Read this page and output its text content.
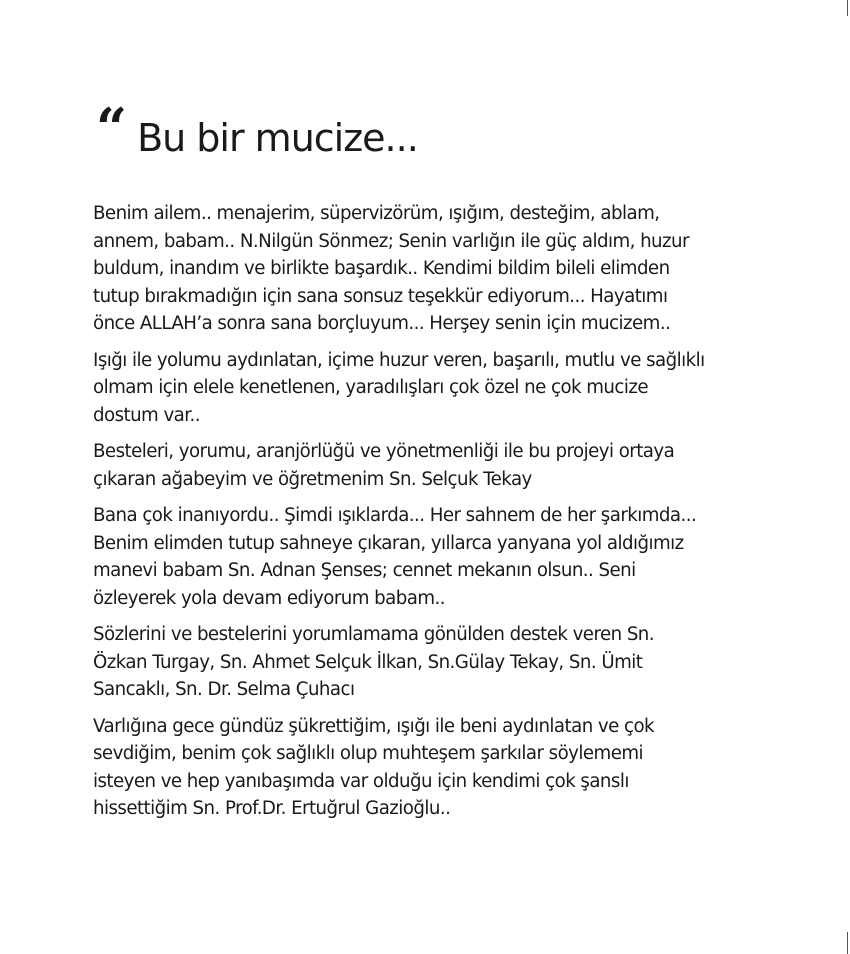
“ Bu bir mucize...
Benim ailem.. menajerim, süpervizörüm, ışığım, desteğim, ablam,
annem, babam.. N.Nilgün Sönmez; Senin varlığın ile güç aldım, huzur
buldum, inandım ve birlikte başardık.. Kendimi bildim bileli elimden
tutup bırakmadığın için sana sonsuz teşekkür ediyorum... Hayatımı
önce ALLAH’a sonra sana borçluyum... Herşey senin için mucizem..
Işığı ile yolumu aydınlatan, içime huzur veren, başarılı, mutlu ve sağlıklı
olmam için elele kenetlenen, yaradılışları çok özel ne çok mucize
dostum var..
Besteleri, yorumu, aranjörlüğü ve yönetmenliği ile bu projeyi ortaya
çıkaran ağabeyim ve öğretmenim Sn. Selçuk Tekay
Bana çok inanıyordu.. Şimdi ışıklarda... Her sahnem de her şarkımda...
Benim elimden tutup sahneye çıkaran, yıllarca yanyana yol aldığımız
manevi babam Sn. Adnan Şenses; cennet mekanın olsun.. Seni
özleyerek yola devam ediyorum babam..
Sözlerini ve bestelerini yorumlamama gönülden destek veren Sn.
Özkan Turgay, Sn. Ahmet Selçuk İlkan, Sn.Gülay Tekay, Sn. Ümit
Sancaklı, Sn. Dr. Selma Çuhacı
Varlığına gece gündüz şükrettiğim, ışığı ile beni aydınlatan ve çok
sevdiğim, benim çok sağlıklı olup muhteşem şarkılar söylememi
isteyen ve hep yanıbaşımda var olduğu için kendimi çok şanslı
hissettiğim Sn. Prof.Dr. Ertuğrul Gazioğlu..
